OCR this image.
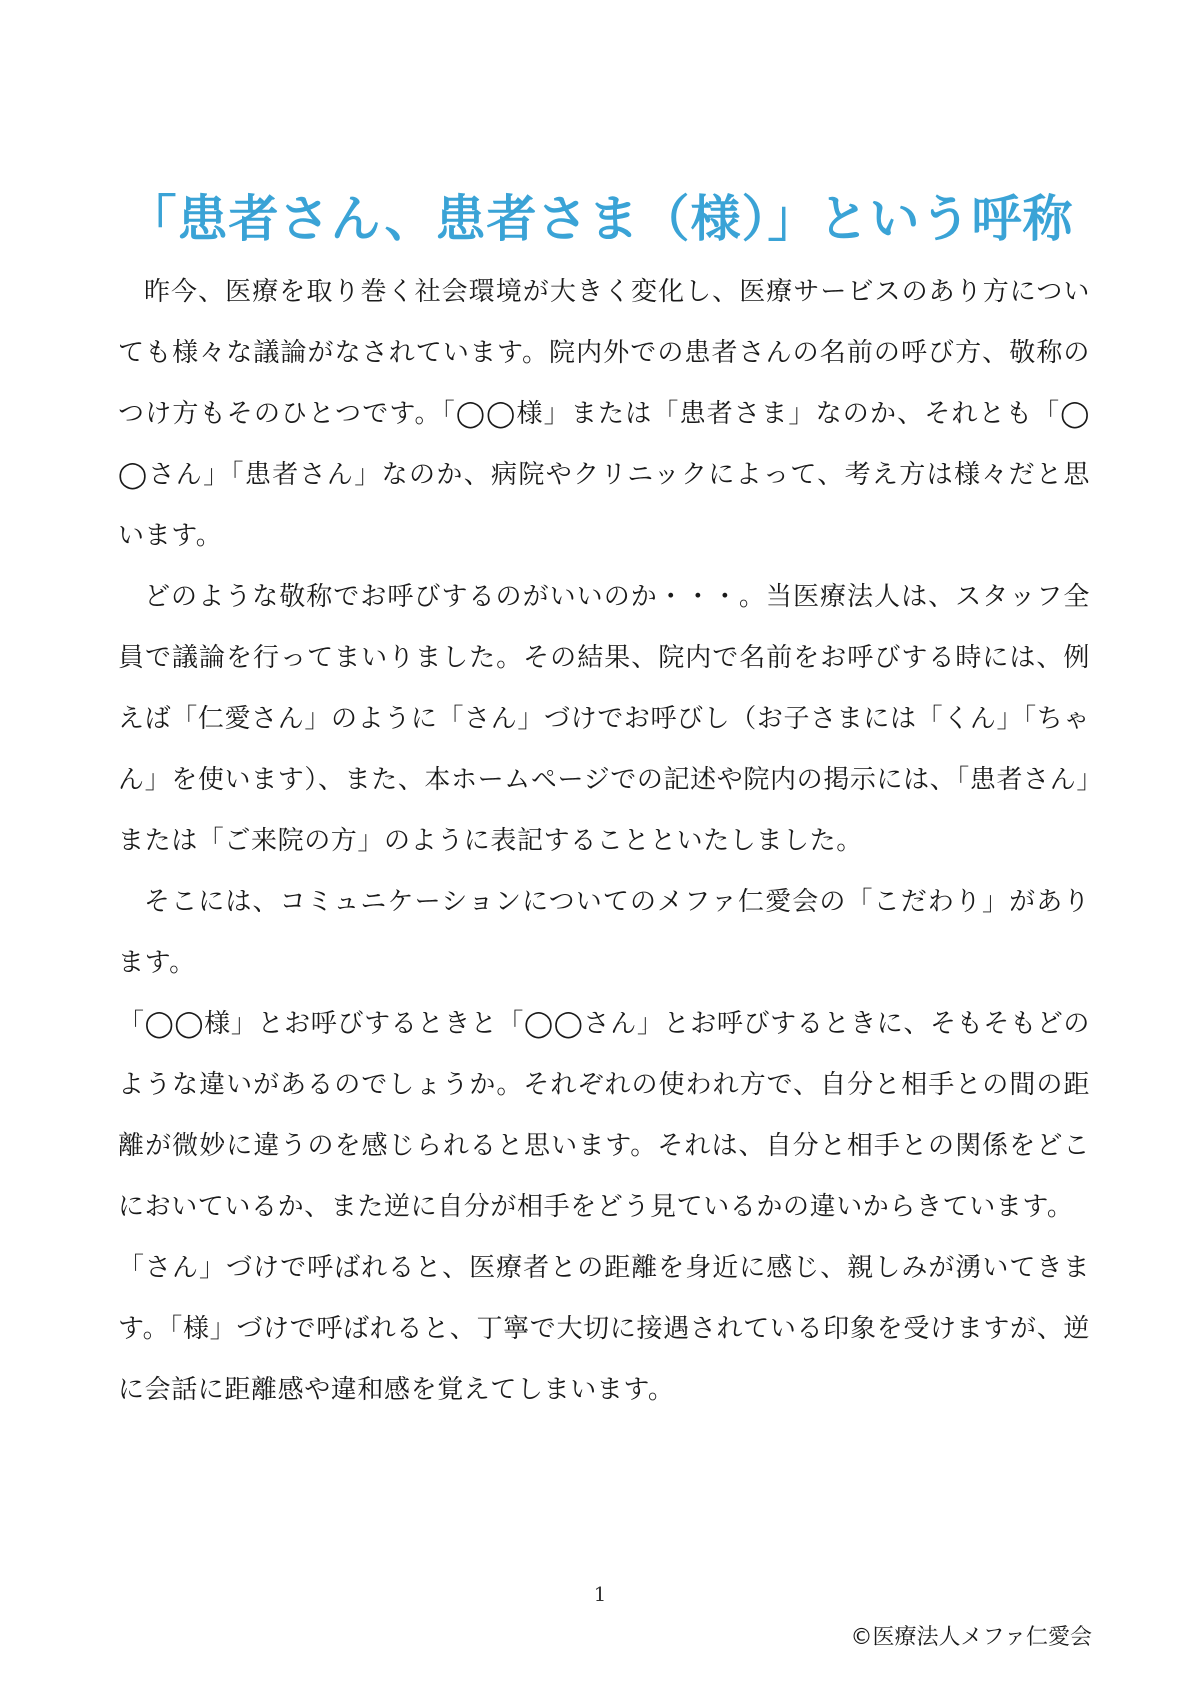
「患者さん、患者さま（様）」という呼称

昨今、医療を取り巻く社会環境が大きく変化し、医療サービスのあり方についても様々な議論がなされています。院内外での患者さんの名前の呼び方、敬称のつけ方もそのひとつです。「◯◯様」または「患者さま」なのか、それとも「◯◯さん」「患者さん」なのか、病院やクリニックによって、考え方は様々だと思います。

どのような敬称でお呼びするのがいいのか・・・。当医療法人は、スタッフ全員で議論を行ってまいりました。その結果、院内で名前をお呼びする時には、例えば「仁愛さん」のように「さん」づけでお呼びし（お子さまには「くん」「ちゃん」を使います）、また、本ホームページでの記述や院内の掲示には、「患者さん」または「ご来院の方」のように表記することといたしました。

そこには、コミュニケーションについてのメファ仁愛会の「こだわり」があります。

「◯◯様」とお呼びするときと「◯◯さん」とお呼びするときに、そもそもどのような違いがあるのでしょうか。それぞれの使われ方で、自分と相手との間の距離が微妙に違うのを感じられると思います。それは、自分と相手との関係をどこにおいているか、また逆に自分が相手をどう見ているかの違いからきています。

「さん」づけで呼ばれると、医療者との距離を身近に感じ、親しみが湧いてきます。「様」づけで呼ばれると、丁寧で大切に接遇されている印象を受けますが、逆に会話に距離感や違和感を覚えてしまいます。

1
©医療法人メファ仁愛会
